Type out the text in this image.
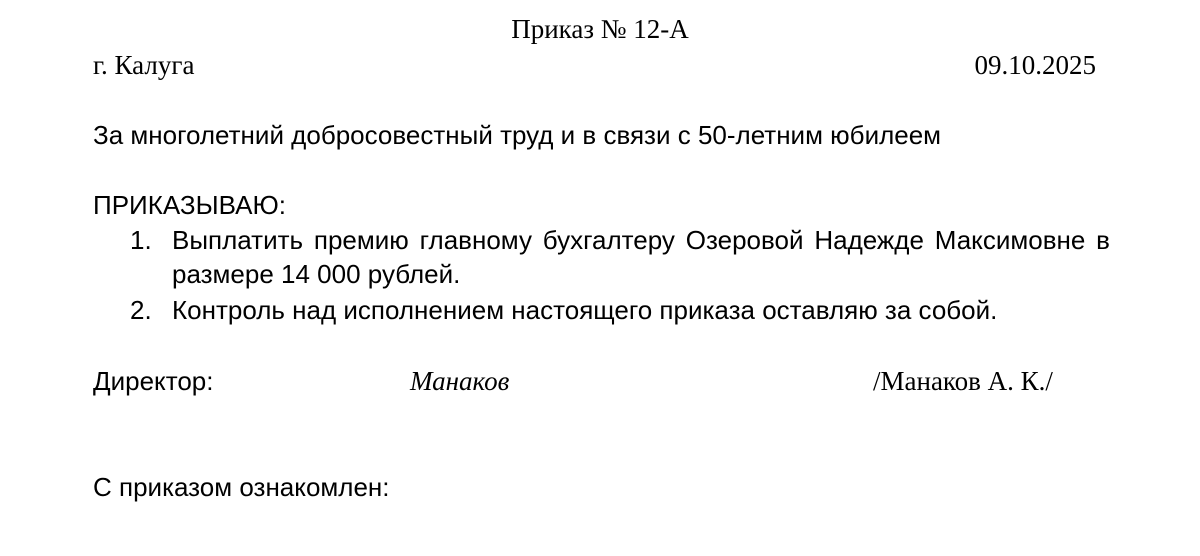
Приказ № 12-А
г. Калуга	09.10.2025
За многолетний добросовестный труд и в связи с 50-летним юбилеем
ПРИКАЗЫВАЮ:
1. Выплатить премию главному бухгалтеру Озеровой Надежде Максимовне в размере 14 000 рублей.
2. Контроль над исполнением настоящего приказа оставляю за собой.
Директор:	Манаков	/Манаков А. К./
С приказом ознакомлен:
